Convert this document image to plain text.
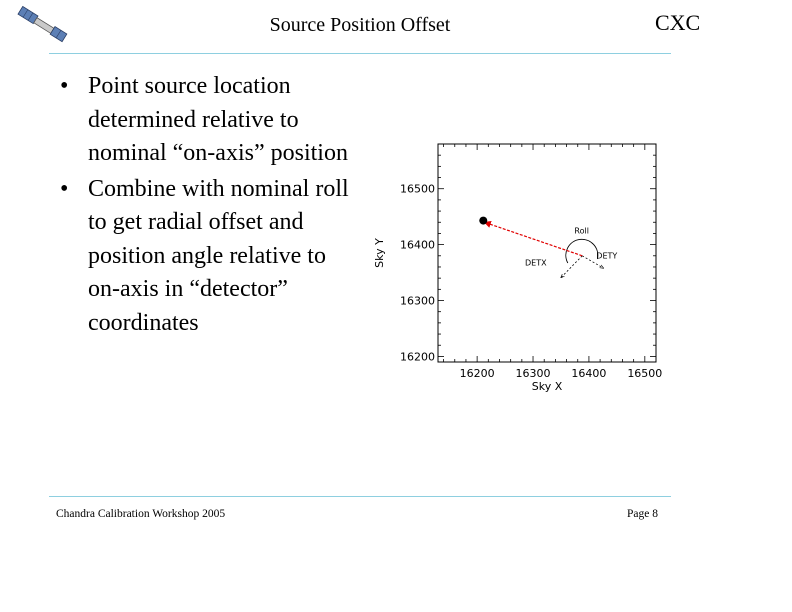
Source Position Offset	CXC
• Point source location determined relative to nominal “on-axis” position
• Combine with nominal roll to get radial offset and position angle relative to on-axis in “detector” coordinates
16200 16300 16400 16500
16200
16300
16400
16500
Sky X
Sky Y
Roll
DETX
DETY
Chandra Calibration Workshop 2005	Page 8
